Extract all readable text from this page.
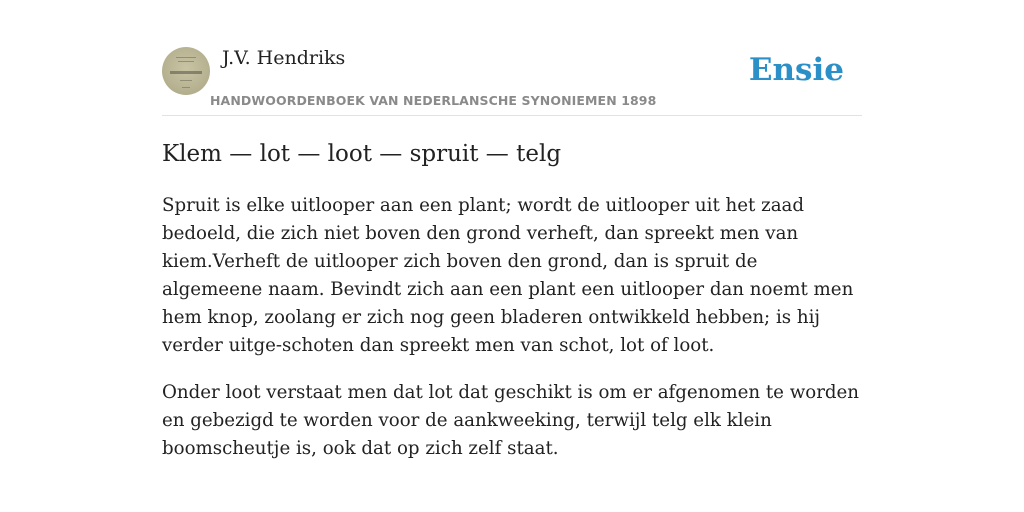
J.V. Hendriks
HANDWOORDENBOEK VAN NEDERLANSCHE SYNONIEMEN 1898
Ensie
Klem — lot — loot — spruit — telg

Spruit is elke uitlooper aan een plant; wordt de uitlooper uit het zaad bedoeld, die zich niet boven den grond verheft, dan spreekt men van kiem.Verheft de uitlooper zich boven den grond, dan is spruit de algemeene naam. Bevindt zich aan een plant een uitlooper dan noemt men hem knop, zoolang er zich nog geen bladeren ontwikkeld hebben; is hij verder uitge-schoten dan spreekt men van schot, lot of loot.

Onder loot verstaat men dat lot dat geschikt is om er afgenomen te worden en gebezigd te worden voor de aankweeking, terwijl telg elk klein boomscheutje is, ook dat op zich zelf staat.
